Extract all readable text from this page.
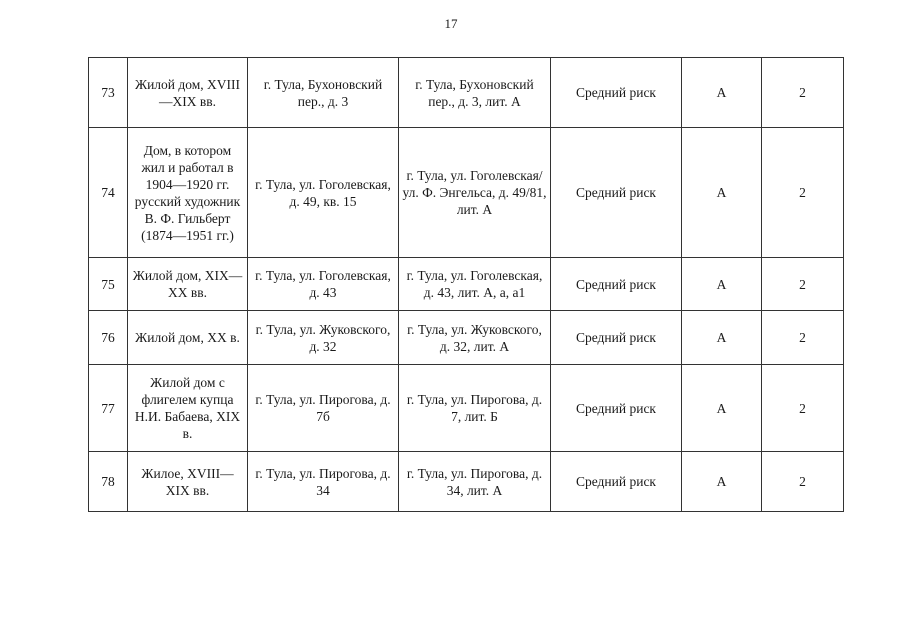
17
73	Жилой дом, XVIII—XIX вв.	г. Тула, Бухоновский пер., д. 3	г. Тула, Бухоновский пер., д. 3, лит. А	Средний риск	А	2
74	Дом, в котором жил и работал в 1904—1920 гг. русский художник В. Ф. Гильберт (1874—1951 гг.)	г. Тула, ул. Гоголевская, д. 49, кв. 15	г. Тула, ул. Гоголевская/ул. Ф. Энгельса, д. 49/81, лит. А	Средний риск	А	2
75	Жилой дом, XIX—XX вв.	г. Тула, ул. Гоголевская, д. 43	г. Тула, ул. Гоголевская, д. 43, лит. А, а, а1	Средний риск	А	2
76	Жилой дом, XX в.	г. Тула, ул. Жуковского, д. 32	г. Тула, ул. Жуковского, д. 32, лит. А	Средний риск	А	2
77	Жилой дом с флигелем купца Н.И. Бабаева, XIX в.	г. Тула, ул. Пирогова, д. 7б	г. Тула, ул. Пирогова, д. 7, лит. Б	Средний риск	А	2
78	Жилое, XVIII—XIX вв.	г. Тула, ул. Пирогова, д. 34	г. Тула, ул. Пирогова, д. 34, лит. А	Средний риск	А	2
